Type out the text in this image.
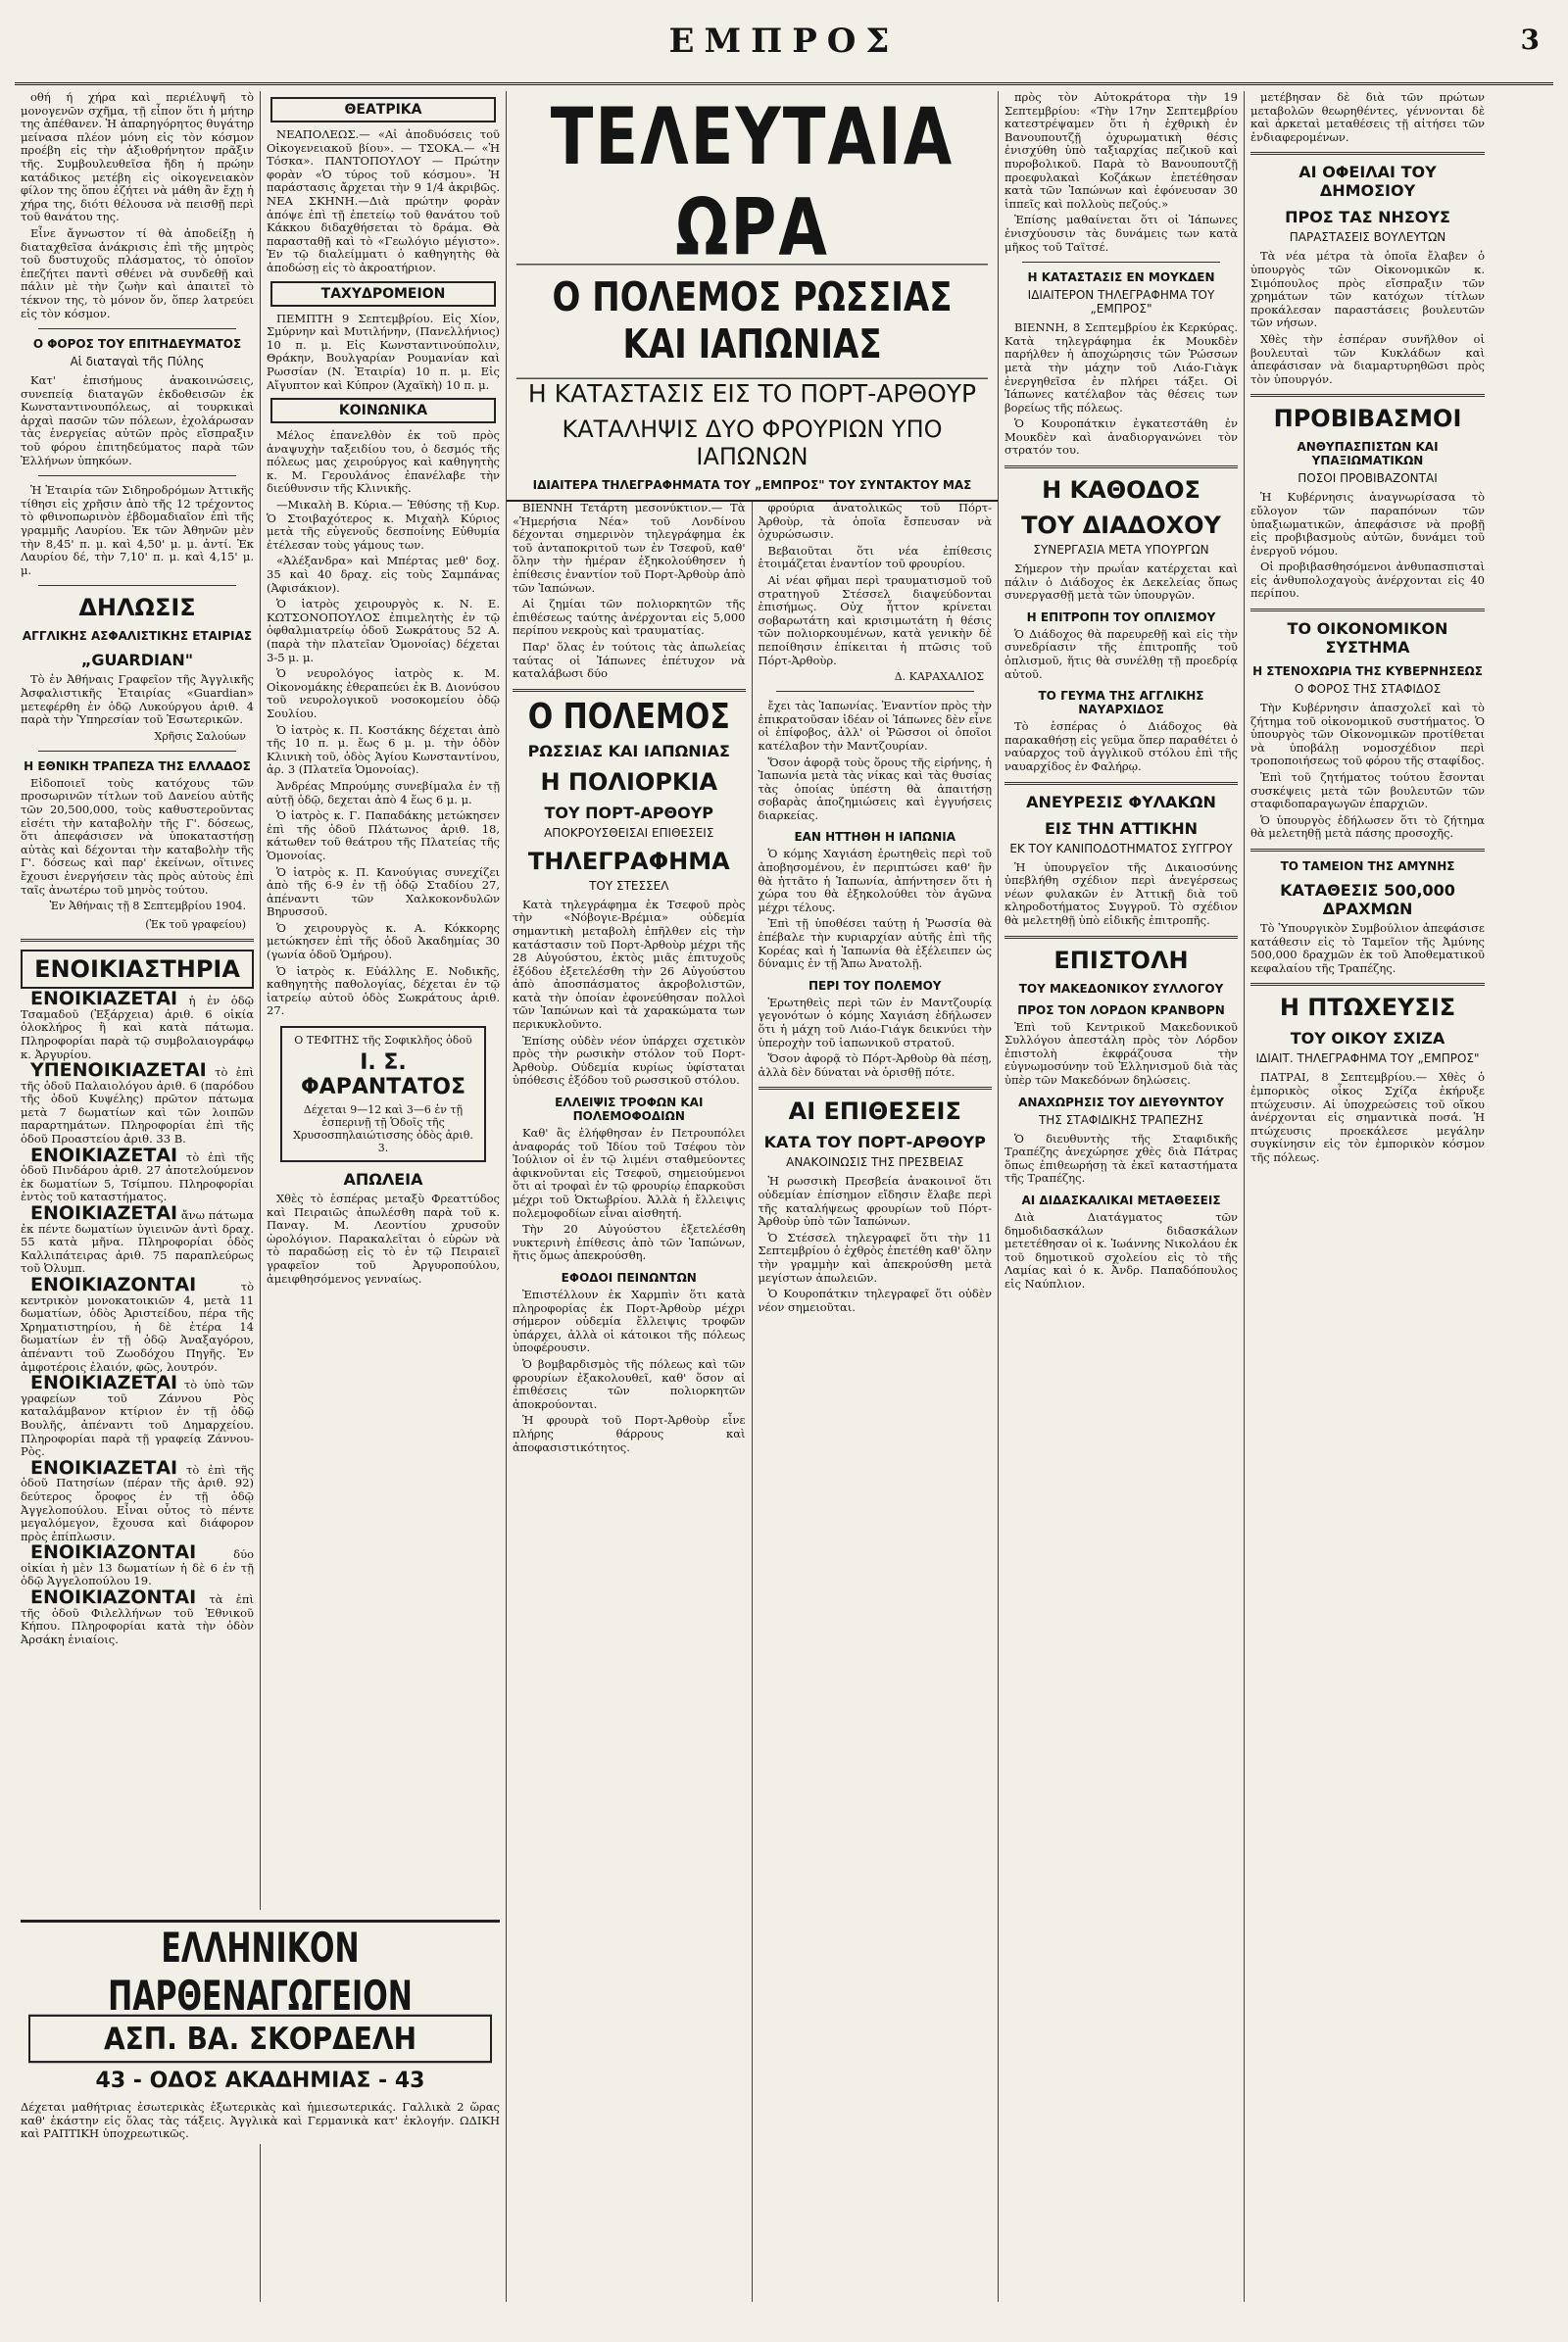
ΕΜΠΡΟΣ	3

οθή ή χήρα καὶ περιέλυψῆ τὸ μονογενῶν σχῆμα, τῇ εἶπον ὅτι ἡ μήτηρ της ἀπέθανεν. Ἡ ἀπαρηγόρητος θυγάτηρ μείνασα πλέον μόνη εἰς τὸν κόσμον προέβη εἰς τὴν ἀξιοθρήνητον πρᾶξιν τῆς. Συμβουλευθεῖσα ἤδη ἡ πρώην κατάδικος μετέβη εἰς οἰκογενειακὸν φίλον της ὅπου ἐζήτει νὰ μάθη ἂν ἔχῃ ἡ χήρα της, διότι θέλουσα νὰ πεισθῇ περὶ τοῦ θανάτου της.

Εἶνε ἄγνωστον τί θὰ ἀποδείξῃ ἡ διαταχθεῖσα ἀνάκρισις ἐπὶ τῆς μητρὸς τοῦ δυστυχοῦς πλάσματος, τὸ ὁποῖον ἐπεζήτει παντὶ σθένει νὰ συνδεθῇ καὶ πάλιν μὲ τὴν ζωὴν καὶ ἀπαιτεῖ τὸ τέκνον της, τὸ μόνον ὅν, ὅπερ λατρεύει εἰς τὸν κόσμον.

Ο ΦΟΡΟΣ ΤΟΥ ΕΠΙΤΗΔΕΥΜΑΤΟΣ
Αἱ διαταγαὶ τῆς Πύλης

Κατ' ἐπισήμους ἀνακοινώσεις, συνεπείᾳ διαταγῶν ἐκδοθεισῶν ἐκ Κωνσταντινουπόλεως, αἱ τουρκικαὶ ἀρχαὶ πασῶν τῶν πόλεων, ἐχολάρωσαν τὰς ἐνεργείας αὐτῶν πρὸς εἴσπραξιν τοῦ φόρου ἐπιτηδεύματος παρὰ τῶν Ἑλλήνων ὑπηκόων.

Ἡ Ἑταιρία τῶν Σιδηροδρόμων Ἀττικῆς τίθησι εἰς χρῆσιν ἀπὸ τῆς 12 τρέχοντος τὸ φθινοπωρινὸν ἑβδομαδιαῖον ἐπὶ τῆς γραμμῆς Λαυρίου. Ἐκ τῶν Ἀθηνῶν μὲν τὴν 8,45' π. μ. καὶ 4,50' μ. μ. ἀντί. Ἐκ Λαυρίου δέ, τὴν 7,10' π. μ. καὶ 4,15' μ. μ.

ΔΗΛΩΣΙΣ
ΑΓΓΛΙΚΗΣ ΑΣΦΑΛΙΣΤΙΚΗΣ ΕΤΑΙΡΙΑΣ
„GUARDIAN"

Τὸ ἐν Ἀθήναις Γραφεῖον τῆς Ἀγγλικῆς Ἀσφαλιστικῆς Ἑταιρίας «Guardian» μετεφέρθη ἐν ὁδῷ Λυκούργου ἀριθ. 4 παρὰ τὴν Ὑπηρεσίαν τοῦ Ἐσωτερικῶν.

Χρῆσις Σαλούων
Η ΕΘΝΙΚΗ ΤΡΑΠΕΖΑ ΤΗΣ ΕΛΛΑΔΟΣ

Εἰδοποιεῖ τοὺς κατόχους τῶν προσωρινῶν τίτλων τοῦ Δανείου αὐτῆς τῶν 20,500,000, τοὺς καθυστεροῦντας εἰσέτι τὴν καταβολὴν τῆς Γ'. δόσεως, ὅτι ἀπεφάσισεν νὰ ὑποκαταστήσῃ αὐτὰς καὶ δέχονται τὴν καταβολὴν τῆς Γ'. δόσεως καὶ παρ' ἐκείνων, οἵτινες ἔχουσι ἐνεργήσειν τὰς πρὸς αὐτοὺς ἐπὶ ταῖς ἀνωτέρω τοῦ μηνὸς τούτου.

Ἐν Ἀθήναις τῇ 8 Σεπτεμβρίου 1904.
(Ἐκ τοῦ γραφείου)
ΕΝΟΙΚΙΑΣΤΗΡΙΑ

ΕΝΟΙΚΙΑΖΕΤΑΙ ἡ ἐν ὁδῷ Τσαμαδοῦ (Ἐξάρχεια) ἀριθ. 6 οἰκία ὁλοκλήρος ἢ καὶ κατὰ πάτωμα. Πληροφορίαι παρὰ τῷ συμβολαιογράφῳ κ. Ἀργυρίου.

ΥΠΕΝΟΙΚΙΑΖΕΤΑΙ τὸ ἐπὶ τῆς ὁδοῦ Παλαιολόγου ἀριθ. 6 (παρόδου τῆς ὁδοῦ Κυψέλης) πρῶτον πάτωμα μετὰ 7 δωματίων καὶ τῶν λοιπῶν παραρτημάτων. Πληροφορίαι ἐπὶ τῆς ὁδοῦ Προαστείου ἀριθ. 33 Β.

ΕΝΟΙΚΙΑΖΕΤΑΙ τὸ ἐπὶ τῆς ὁδοῦ Πινδάρου ἀριθ. 27 ἀποτελούμενον ἐκ δωματίων 5, Τσίμπου. Πληροφορίαι ἐντὸς τοῦ καταστήματος.

ΕΝΟΙΚΙΑΖΕΤΑΙ ἄνω πάτωμα ἐκ πέντε δωματίων ὑγιεινῶν ἀντὶ δραχ. 55 κατὰ μῆνα. Πληροφορίαι ὁδὸς Καλλιπάτειρας ἀριθ. 75 παραπλεύρως τοῦ Ὀλυμπ.

ΕΝΟΙΚΙΑΖΟΝΤΑΙ	τὸ κεντρικὸν μονοκατοικιῶν 4, μετὰ 11 δωματίων, ὁδὸς Ἀριστείδου, πέρα τῆς Χρηματιστηρίου, ἡ δὲ ἐτέρα 14 δωματίων ἐν τῇ ὁδῷ Ἀναξαγόρου, ἀπέναντι τοῦ Ζωοδόχου Πηγῆς. Ἐν ἀμφοτέροις ἐλαιόν, φῶς, λουτρόν.

ΕΝΟΙΚΙΑΖΕΤΑΙ τὸ ὑπὸ τῶν γραφείων τοῦ Ζάννου Ρὸς καταλάμβανον κτίριον ἐν τῇ ὁδῷ Βουλῆς, ἀπέναντι τοῦ Δημαρχείου. Πληροφορίαι παρὰ τῇ γραφείᾳ Ζάννου-Ρὸς.

ΕΝΟΙΚΙΑΖΕΤΑΙ τὸ ἐπὶ τῆς ὁδοῦ Πατησίων (πέραν τῆς ἀριθ. 92) δεύτερος ὄροφος ἐν τῇ ὁδῷ Ἀγγελοπούλου. Εἶναι οὗτος τὸ πέντε μεγαλόμεγον, ἔχουσα καὶ διάφορον πρὸς ἐπίπλωσιν.

ΕΝΟΙΚΙΑΖΟΝΤΑΙ	δύο οἰκίαι ἡ μὲν 13 δωματίων ἡ δὲ 6 ἐν τῇ ὁδῷ Ἀγγελοπούλου 19.

ΕΝΟΙΚΙΑΖΟΝΤΑΙ τὰ ἐπὶ τῆς ὁδοῦ Φιλελλήνων τοῦ Ἐθνικοῦ Κήπου. Πληροφορίαι κατὰ τὴν ὁδὸν Ἀρσάκη ἑνιαίοις.

ΘΕΑΤΡΙΚΑ

ΝΕΑΠΟΛΕΩΣ.— «Αἱ ἀποδυόσεις τοῦ Οἰκογενειακοῦ βίου». — ΤΣΟΚΑ.— «Ἡ Τόσκα». ΠΑΝΤΟΠΟΥΛΟΥ — Πρώτην φορὰν «Ὁ τύρος τοῦ κόσμου». Ἡ παράστασις ἄρχεται τὴν 9 1/4 ἀκριβῶς. ΝΕΑ ΣΚΗΝΗ.—Διὰ πρώτην φορὰν ἀπόψε ἐπὶ τῇ ἐπετείῳ τοῦ θανάτου τοῦ Κάκκου διδαχθήσεται τὸ δράμα. Θὰ παρασταθῇ καὶ τὸ «Γεωλόγιο μέγιστο». Ἐν τῷ διαλείμματι ὁ καθηγητὴς θὰ ἀποδώσῃ εἰς τὸ ἀκροατήριον.

ΤΑΧΥΔΡΟΜΕΙΟΝ

ΠΕΜΠΤΗ 9 Σεπτεμβρίου. Εἰς Χίον, Σμύρνην καὶ Μυτιλήνην, (Πανελλήνιος) 10 π. μ. Εἰς Κωνσταντινούπολιν, Θράκην, Βουλγαρίαν Ρουμανίαν καὶ Ρωσσίαν (Ν. Ἑταιρία) 10 π. μ. Εἰς Αἴγυπτον καὶ Κύπρον (Ἀχαϊκὴ) 10 π. μ.

ΚΟΙΝΩΝΙΚΑ

Μέλος ἐπανελθὸν ἐκ τοῦ πρὸς ἀναψυχὴν ταξειδίου του, ὁ δεσμός τῆς πόλεως μας χειρούργος καὶ καθηγητὴς κ. Μ. Γερουλάνος ἐπανέλαβε τὴν διεύθυνσιν τῆς Κλινικῆς.

—Μικαλὴ Β. Κύρια.— Ἐθύσης τῇ Κυρ. Ὁ Στοιβαχότερος κ. Μιχαὴλ Κύριος μετὰ τῆς εὐγενοῦς δεσποίνης Εὐθυμία ἐτέλεσαν τοὺς γάμους των.

«Ἀλέξανδρα» καὶ Μπέρτας μεθ' δοχ. 35 καὶ 40 δραχ. εἰς τοὺς Σαμπάνας (Ἀφισάκιον).

Ὁ ἰατρὸς χειρουργὸς κ. Ν. Ε. ΚΩΤΣΟΝΟΠΟΥΛΟΣ ἐπιμελητὴς ἐν τῷ ὀφθαλμιατρείῳ ὁδοῦ Σωκράτους 52 Α. (παρὰ τὴν πλατεῖαν Ὁμονοίας) δέχεται 3-5 μ. μ.

Ὁ νευρολόγος ἰατρὸς κ. Μ. Οἰκονομάκης ἐθεραπεύει ἐκ Β. Διονύσου τοῦ νευρολογικοῦ νοσοκομείου ὁδῷ Σουλίου.

Ὁ ἰατρὸς κ. Π. Κοστάκης δέχεται ἀπὸ τῆς 10 π. μ. ἕως 6 μ. μ. τὴν ὁδὸν Κλινικὴ τοῦ, ὁδὸς Ἁγίου Κωνσταντίνου, ἀρ. 3 (Πλατεῖα Ὁμονοίας).

Ἀνδρέας Μπρούμης συνεβίμαλα ἐν τῇ αὐτῇ ὁδῷ, δεχεται ἀπὸ 4 ἕως 6 μ. μ.

Ὁ ἰατρὸς κ. Γ. Παπαδάκης μετώκησεν ἐπὶ τῆς ὁδοῦ Πλάτωνος ἀριθ. 18, κάτωθεν τοῦ θεάτρου τῆς Πλατείας τῆς Ὁμονοίας.

Ὁ ἰατρὸς κ. Π. Κανούγιας συνεχίζει ἀπὸ τῆς 6-9 ἐν τῇ ὁδῷ Σταδίου 27, ἀπέναντι τῶν Χαλκοκονδυλῶν Βηρυσσοῦ.

Ὁ χειρουργὸς κ. Α. Κόκκορης μετώκησεν ἐπὶ τῆς ὁδοῦ Ἀκαδημίας 30 (γωνία ὁδοῦ Ὁμήρου).

Ὁ ἰατρὸς κ. Εὐάλλης Ε. Νοδικῆς, καθηγητὴς παθολογίας, δέχεται ἐν τῷ ἰατρείῳ αὐτοῦ ὁδὸς Σωκράτους ἀριθ. 27.

Ο ΤΕΦΙΤΗΣ τῆς Σοφικλῆος ὁδοῦ
Ι. Σ. ΦΑΡΑΝΤΑΤΟΣ
Δέχεται 9—12 καὶ 3—6 ἐν τῇ ἑσπερινῇ τῇ Ὁδοῖς τῆς Χρυσοσπηλαιώτισσης ὁδὸς ἀριθ. 3.
ΑΠΩΛΕΙΑ

Χθὲς τὸ ἑσπέρας μεταξὺ Φρεαττύδος καὶ Πειραιῶς ἀπωλέσθη παρὰ τοῦ κ. Παναγ. Μ. Λεοντίου χρυσοῦν ὡρολόγιον. Παρακαλεῖται ὁ εὑρὼν νὰ τὸ παραδώσῃ εἰς τὸ ἐν τῷ Πειραιεῖ γραφεῖον τοῦ Ἀργυροπούλου, ἀμειφθησόμενος γενναίως.

ΤΕΛΕΥΤΑΙΑ ΩΡΑ
Ο ΠΟΛΕΜΟΣ ΡΩΣΣΙΑΣ ΚΑΙ ΙΑΠΩΝΙΑΣ
Η ΚΑΤΑΣΤΑΣΙΣ ΕΙΣ ΤΟ ΠΟΡΤ-ΑΡΘΟΥΡ
ΚΑΤΑΛΗΨΙΣ ΔΥΟ ΦΡΟΥΡΙΩΝ ΥΠΟ ΙΑΠΩΝΩΝ
ΙΔΙΑΙΤΕΡΑ ΤΗΛΕΓΡΑΦΗΜΑΤΑ ΤΟΥ „ΕΜΠΡΟΣ" ΤΟΥ ΣΥΝΤΑΚΤΟΥ ΜΑΣ

ΒΙΕΝΝΗ Τετάρτη μεσονύκτιον.— Τὰ «Ἡμερήσια Νέα» τοῦ Λονδίνου δέχονται σημερινὸν τηλεγράφημα ἐκ τοῦ ἀνταποκριτοῦ των ἐν Τσεφοῦ, καθ' ὅλην τὴν ἡμέραν ἐξηκολούθησεν ἡ ἐπίθεσις ἐναντίον τοῦ Πορτ-Ἀρθοὺρ ἀπὸ τῶν Ἰαπώνων.

Αἱ ζημίαι τῶν πολιορκητῶν τῆς ἐπιθέσεως ταύτης ἀνέρχονται εἰς 5,000 περίπου νεκροὺς καὶ τραυματίας.

Παρ' ὅλας ἐν τούτοις τὰς ἀπωλείας ταύτας οἱ Ἰάπωνες ἐπέτυχον νὰ καταλάβωσι δύο

Ο ΠΟΛΕΜΟΣ
ΡΩΣΣΙΑΣ ΚΑΙ ΙΑΠΩΝΙΑΣ
Η ΠΟΛΙΟΡΚΙΑ
ΤΟΥ ΠΟΡΤ-ΑΡΘΟΥΡ
ΑΠΟΚΡΟΥΣΘΕΙΣΑΙ ΕΠΙΘΕΣΕΙΣ
ΤΗΛΕΓΡΑΦΗΜΑ
ΤΟΥ ΣΤΕΣΣΕΛ

Κατὰ τηλεγράφημα ἐκ Τσεφοῦ πρὸς τὴν «Νόβογιε-Βρέμια» οὐδεμία σημαντικὴ μεταβολὴ ἐπῆλθεν εἰς τὴν κατάστασιν τοῦ Πορτ-Ἀρθοὺρ μέχρι τῆς 28 Αὐγούστου, ἐκτὸς μιᾶς ἐπιτυχοῦς ἐξόδου ἐξετελέσθη τὴν 26 Αὐγούστου ἀπὸ ἀποσπάσματος ἀκροβολιστῶν, κατὰ τὴν ὁποίαν ἐφονεύθησαν πολλοὶ τῶν Ἰαπώνων καὶ τὰ χαρακώματα των περικυκλοῦντο.

Ἐπίσης οὐδὲν νέον ὑπάρχει σχετικὸν πρὸς τὴν ρωσικὴν στόλον τοῦ Πορτ-Ἀρθοὺρ. Οὐδεμία κυρίως ὑφίσταται ὑπόθεσις ἐξόδου τοῦ ρωσσικοῦ στόλου.

ΕΛΛΕΙΨΙΣ ΤΡΟΦΩΝ ΚΑΙ ΠΟΛΕΜΟΦΟΔΙΩΝ

Καθ' ἃς ἐλήφθησαν ἐν Πετρουπόλει ἀναφοράς τοῦ Ἰδίου τοῦ Τσέφου τὸν Ἰούλιον οἱ ἐν τῷ λιμένι σταθμεύοντες ἀφικνοῦνται εἰς Τσεφοῦ, σημειούμενοι ὅτι αἱ τροφαὶ ἐν τῷ φρουρίῳ ἐπαρκοῦσι μέχρι τοῦ Ὀκτωβρίου. Ἀλλὰ ἡ ἔλλειψις πολεμοφοδίων εἶναι αἰσθητή.

Τὴν 20 Αὐγούστου ἐξετελέσθη νυκτερινὴ ἐπίθεσις ἀπὸ τῶν Ἰαπώνων, ἥτις ὅμως ἀπεκρούσθη.

ΕΦΟΔΟΙ ΠΕΙΝΩΝΤΩΝ

Ἐπιστέλλουν ἐκ Χαρμπὶν ὅτι κατὰ πληροφορίας ἐκ Πορτ-Ἀρθοὺρ μέχρι σήμερον οὐδεμία ἔλλειψις τροφῶν ὑπάρχει, ἀλλὰ οἱ κάτοικοι τῆς πόλεως ὑποφέρουσιν.

Ὁ βομβαρδισμὸς τῆς πόλεως καὶ τῶν φρουρίων ἐξακολουθεῖ, καθ' ὅσον αἱ ἐπιθέσεις τῶν πολιορκητῶν ἀποκρούονται.

Ἡ φρουρὰ τοῦ Πορτ-Ἀρθοὺρ εἶνε πλήρης θάρρους καὶ ἀποφασιστικότητος.

φρούρια ἀνατολικῶς τοῦ Πόρτ-Ἀρθοὺρ, τὰ ὁποῖα ἔσπευσαν νὰ ὀχυρώσωσιν.

Βεβαιοῦται ὅτι νέα ἐπίθεσις ἑτοιμάζεται ἐναντίον τοῦ φρουρίου.

Αἱ νέαι φῆμαι περὶ τραυματισμοῦ τοῦ στρατηγοῦ Στέσσελ διαψεύδονται ἐπισήμως. Οὐχ ἧττον κρίνεται σοβαρωτάτη καὶ κρισιμωτάτη ἡ θέσις τῶν πολιορκουμένων, κατὰ γενικὴν δὲ πεποίθησιν ἐπίκειται ἡ πτῶσις τοῦ Πόρτ-Ἀρθοὺρ.

Δ. ΚΑΡΑΧΑΛΙΟΣ

ἔχει τὰς Ἰαπωνίας. Ἐναντίον πρὸς τὴν ἐπικρατοῦσαν ἰδέαν οἱ Ἰάπωνες δὲν εἶνε οἱ ἐπίφοβος, ἀλλ' οἱ Ῥῶσσοι οἱ ὁποῖοι κατέλαβον τὴν Μαντζουρίαν.

Ὅσον ἀφορᾷ τοὺς ὅρους τῆς εἰρήνης, ἡ Ἰαπωνία μετὰ τὰς νίκας καὶ τὰς θυσίας τὰς ὁποίας ὑπέστη θὰ ἀπαιτήσῃ σοβαρὰς ἀποζημιώσεις καὶ ἐγγυήσεις διαρκείας.

ΕΑΝ ΗΤΤΗΘΗ Η ΙΑΠΩΝΙΑ

Ὁ κόμης Χαγιάση ἐρωτηθεὶς περὶ τοῦ ἀποβησομένου, ἐν περιπτώσει καθ' ἣν θὰ ἡττᾶτο ἡ Ἰαπωνία, ἀπήντησεν ὅτι ἡ χώρα του θὰ ἐξηκολούθει τὸν ἀγῶνα μέχρι τέλους.

Ἐπὶ τῇ ὑποθέσει ταύτῃ ἡ Ῥωσσία θὰ ἐπέβαλε τὴν κυριαρχίαν αὐτῆς ἐπὶ τῆς Κορέας καὶ ἡ Ἰαπωνία θὰ ἐξέλειπεν ὡς δύναμις ἐν τῇ Ἄπω Ἀνατολῇ.

ΠΕΡΙ ΤΟΥ ΠΟΛΕΜΟΥ

Ἐρωτηθεὶς περὶ τῶν ἐν Μαντζουρίᾳ γεγονότων ὁ κόμης Χαγιάση ἐδήλωσεν ὅτι ἡ μάχη τοῦ Λιάο-Γιάγκ δεικνύει τὴν ὑπεροχὴν τοῦ ἰαπωνικοῦ στρατοῦ.

Ὅσον ἀφορᾷ τὸ Πόρτ-Ἀρθοὺρ θὰ πέσῃ, ἀλλὰ δὲν δύναται νὰ ὁρισθῇ πότε.

ΑΙ ΕΠΙΘΕΣΕΙΣ
ΚΑΤΑ ΤΟΥ ΠΟΡΤ-ΑΡΘΟΥΡ
ΑΝΑΚΟΙΝΩΣΙΣ ΤΗΣ ΠΡΕΣΒΕΙΑΣ

Ἡ ρωσσικὴ Πρεσβεία ἀνακοινοῖ ὅτι οὐδεμίαν ἐπίσημον εἴδησιν ἔλαβε περὶ τῆς καταλήψεως φρουρίων τοῦ Πόρτ-Ἀρθοὺρ ὑπὸ τῶν Ἰαπώνων.

Ὁ Στέσσελ τηλεγραφεῖ ὅτι τὴν 11 Σεπτεμβρίου ὁ ἐχθρὸς ἐπετέθη καθ' ὅλην τὴν γραμμὴν καὶ ἀπεκρούσθη μετὰ μεγίστων ἀπωλειῶν.

Ὁ Κουροπάτκιν τηλεγραφεῖ ὅτι οὐδὲν νέον σημειοῦται.

πρὸς τὸν Αὐτοκράτορα τὴν 19 Σεπτεμβρίου: «Τὴν 17ην Σεπτεμβρίου κατεστρέψαμεν ὅτι ἡ ἐχθρικὴ ἐν Βανουπουτζῇ ὀχυρωματικὴ θέσις ἐνισχύθη ὑπὸ ταξιαρχίας πεζικοῦ καὶ πυροβολικοῦ. Παρὰ τὸ Βανουπουτζῇ προεφυλακαὶ Κοζάκων ἐπετέθησαν κατὰ τῶν Ἰαπώνων καὶ ἐφόνευσαν 30 ἱππεῖς καὶ πολλοὺς πεζούς.»

Ἐπίσης μαθαίνεται ὅτι οἱ Ἰάπωνες ἐνισχύουσιν τὰς δυνάμεις των κατὰ μῆκος τοῦ Ταϊτσέ.

Η ΚΑΤΑΣΤΑΣΙΣ ΕΝ ΜΟΥΚΔΕΝ
ΙΔΙΑΙΤΕΡΟΝ ΤΗΛΕΓΡΑΦΗΜΑ ΤΟΥ „ΕΜΠΡΟΣ"

ΒΙΕΝΝΗ, 8 Σεπτεμβρίου ἐκ Κερκύρας. Κατὰ τηλεγράφημα ἐκ Μουκδὲν παρήλθεν ἡ ἀποχώρησις τῶν Ῥώσσων μετὰ τὴν μάχην τοῦ Λιάο-Γιὰγκ ἐνεργηθεῖσα ἐν πλήρει τάξει. Οἱ Ἰάπωνες κατέλαβον τὰς θέσεις των βορείως τῆς πόλεως.

Ὁ Κουροπάτκιν ἐγκατεστάθη ἐν Μουκδὲν καὶ ἀναδιοργανώνει τὸν στρατόν του.

Η ΚΑΘΟΔΟΣ
ΤΟΥ ΔΙΑΔΟΧΟΥ
ΣΥΝΕΡΓΑΣΙΑ ΜΕΤΑ ΥΠΟΥΡΓΩΝ

Σήμερον τὴν πρωΐαν κατέρχεται καὶ πάλιν ὁ Διάδοχος ἐκ Δεκελείας ὅπως συνεργασθῇ μετὰ τῶν ὑπουργῶν.

Η ΕΠΙΤΡΟΠΗ ΤΟΥ ΟΠΛΙΣΜΟΥ

Ὁ Διάδοχος θὰ παρευρεθῇ καὶ εἰς τὴν συνεδρίασιν τῆς ἐπιτροπῆς τοῦ ὁπλισμοῦ, ἥτις θὰ συνέλθῃ τῇ προεδρίᾳ αὐτοῦ.

ΤΟ ΓΕΥΜΑ ΤΗΣ ΑΓΓΛΙΚΗΣ ΝΑΥΑΡΧΙΔΟΣ

Τὸ ἑσπέρας ὁ Διάδοχος θὰ παρακαθήσῃ εἰς γεῦμα ὅπερ παραθέτει ὁ ναύαρχος τοῦ ἀγγλικοῦ στόλου ἐπὶ τῆς ναυαρχίδος ἐν Φαλήρῳ.

ΑΝΕΥΡΕΣΙΣ ΦΥΛΑΚΩΝ
ΕΙΣ ΤΗΝ ΑΤΤΙΚΗΝ
ΕΚ ΤΟΥ ΚΑΝΙΠΟΔΟΤΗΜΑΤΟΣ ΣΥΓΓΡΟΥ

Ἡ ὑπουργεῖον τῆς Δικαιοσύνης ὑπεβλήθη σχέδιον περὶ ἀνεγέρσεως νέων φυλακῶν ἐν Ἀττικῇ διὰ τοῦ κληροδοτήματος Συγγροῦ. Τὸ σχέδιον θὰ μελετηθῇ ὑπὸ εἰδικῆς ἐπιτροπῆς.

ΕΠΙΣΤΟΛΗ
ΤΟΥ ΜΑΚΕΔΟΝΙΚΟΥ ΣΥΛΛΟΓΟΥ
ΠΡΟΣ ΤΟΝ ΛΟΡΔΟΝ ΚΡΑΝΒΟΡΝ

Ἐπὶ τοῦ Κεντρικοῦ Μακεδονικοῦ Συλλόγου ἀπεστάλη πρὸς τὸν Λόρδον ἐπιστολὴ ἐκφράζουσα τὴν εὐγνωμοσύνην τοῦ Ἑλληνισμοῦ διὰ τὰς ὑπὲρ τῶν Μακεδόνων δηλώσεις.

ΑΝΑΧΩΡΗΣΙΣ ΤΟΥ ΔΙΕΥΘΥΝΤΟΥ
ΤΗΣ ΣΤΑΦΙΔΙΚΗΣ ΤΡΑΠΕΖΗΣ

Ὁ διευθυντὴς τῆς Σταφιδικῆς Τραπέζης ἀνεχώρησε χθὲς διὰ Πάτρας ὅπως ἐπιθεωρήσῃ τὰ ἐκεῖ καταστήματα τῆς Τραπέζης.

ΑΙ ΔΙΔΑΣΚΑΛΙΚΑΙ ΜΕΤΑΘΕΣΕΙΣ

Διὰ Διατάγματος τῶν δημοδιδασκάλων διδασκάλων μετετέθησαν οἱ κ. Ἰωάννης Νικολάου ἐκ τοῦ δημοτικοῦ σχολείου εἰς τὸ τῆς Λαμίας καὶ ὁ κ. Ἀνδρ. Παπαδόπουλος εἰς Ναύπλιον.

μετέβησαν δὲ διὰ τῶν πρώτων μεταβολῶν θεωρηθέντες, γέννονται δὲ καὶ ἀρκεταὶ μεταθέσεις τῇ αἰτήσει τῶν ἐνδιαφερομένων.

ΑΙ ΟΦΕΙΛΑΙ ΤΟΥ ΔΗΜΟΣΙΟΥ
ΠΡΟΣ ΤΑΣ ΝΗΣΟΥΣ
ΠΑΡΑΣΤΑΣΕΙΣ ΒΟΥΛΕΥΤΩΝ

Τὰ νέα μέτρα τὰ ὁποῖα ἔλαβεν ὁ ὑπουργὸς τῶν Οἰκονομικῶν κ. Σιμόπουλος πρὸς εἴσπραξιν τῶν χρημάτων τῶν κατόχων τίτλων προκάλεσαν παραστάσεις βουλευτῶν τῶν νήσων.

Χθὲς τὴν ἑσπέραν συνῆλθον οἱ βουλευταὶ τῶν Κυκλάδων καὶ ἀπεφάσισαν νὰ διαμαρτυρηθῶσι πρὸς τὸν ὑπουργόν.

ΠΡΟΒΙΒΑΣΜΟΙ
ΑΝΘΥΠΑΣΠΙΣΤΩΝ ΚΑΙ ΥΠΑΞΙΩΜΑΤΙΚΩΝ
ΠΟΣΟΙ ΠΡΟΒΙΒΑΖΟΝΤΑΙ

Ἡ Κυβέρνησις ἀναγνωρίσασα τὸ εὔλογον τῶν παραπόνων τῶν ὑπαξιωματικῶν, ἀπεφάσισε νὰ προβῇ εἰς προβιβασμοὺς αὐτῶν, δυνάμει τοῦ ἐνεργοῦ νόμου.

Οἱ προβιβασθησόμενοι ἀνθυπασπισταὶ εἰς ἀνθυπολοχαγοὺς ἀνέρχονται εἰς 40 περίπου.

ΤΟ ΟΙΚΟΝΟΜΙΚΟΝ ΣΥΣΤΗΜΑ
Η ΣΤΕΝΟΧΩΡΙΑ ΤΗΣ ΚΥΒΕΡΝΗΣΕΩΣ
Ο ΦΟΡΟΣ ΤΗΣ ΣΤΑΦΙΔΟΣ

Τὴν Κυβέρνησιν ἀπασχολεῖ καὶ τὸ ζήτημα τοῦ οἰκονομικοῦ συστήματος. Ὁ ὑπουργὸς τῶν Οἰκονομικῶν προτίθεται νὰ ὑποβάλῃ νομοσχέδιον περὶ τροποποιήσεως τοῦ φόρου τῆς σταφίδος.

Ἐπὶ τοῦ ζητήματος τούτου ἔσονται συσκέψεις μετὰ τῶν βουλευτῶν τῶν σταφιδοπαραγωγῶν ἐπαρχιῶν.

Ὁ ὑπουργὸς ἐδήλωσεν ὅτι τὸ ζήτημα θὰ μελετηθῇ μετὰ πάσης προσοχῆς.

ΤΟ ΤΑΜΕΙΟΝ ΤΗΣ ΑΜΥΝΗΣ
ΚΑΤΑΘΕΣΙΣ 500,000 ΔΡΑΧΜΩΝ

Τὸ Ὑπουργικὸν Συμβούλιον ἀπεφάσισε κατάθεσιν εἰς τὸ Ταμεῖον τῆς Ἀμύνης 500,000 δραχμῶν ἐκ τοῦ Ἀποθεματικοῦ κεφαλαίου τῆς Τραπέζης.

Η ΠΤΩΧΕΥΣΙΣ
ΤΟΥ ΟΙΚΟΥ ΣΧΙΖΑ
ΙΔΙΑΙΤ. ΤΗΛΕΓΡΑΦΗΜΑ ΤΟΥ „ΕΜΠΡΟΣ"

ΠΑΤΡΑΙ, 8 Σεπτεμβρίου.— Χθὲς ὁ ἐμπορικὸς οἶκος Σχίζα ἐκήρυξε πτώχευσιν. Αἱ ὑποχρεώσεις τοῦ οἴκου ἀνέρχονται εἰς σημαντικὰ ποσά. Ἡ πτώχευσις προεκάλεσε μεγάλην συγκίνησιν εἰς τὸν ἐμπορικὸν κόσμον τῆς πόλεως.

ΕΛΛΗΝΙΚΟΝ ΠΑΡΘΕΝΑΓΩΓΕΙΟΝ
ΑΣΠ. ΒΑ. ΣΚΟΡΔΕΛΗ
43 - ΟΔΟΣ ΑΚΑΔΗΜΙΑΣ - 43

Δέχεται μαθήτριας ἐσωτερικὰς ἐξωτερικὰς καὶ ἡμιεσωτερικάς. Γαλλικὰ 2 ὥρας καθ' ἑκάστην εἰς ὅλας τὰς τάξεις. Ἀγγλικὰ καὶ Γερμανικὰ κατ' ἐκλογήν. ΩΔΙΚΗ καὶ ΡΑΠΤΙΚΗ ὑποχρεωτικῶς.
